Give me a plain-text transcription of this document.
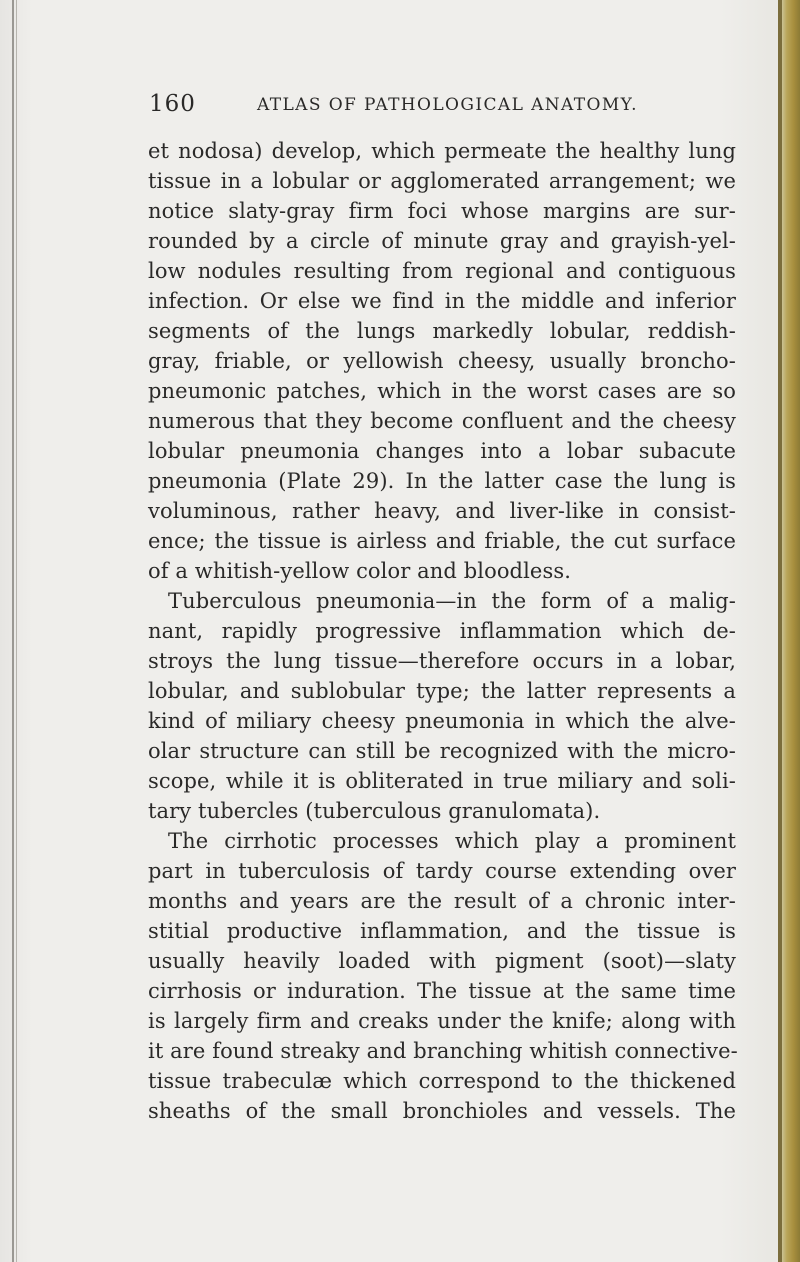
160	ATLAS OF PATHOLOGICAL ANATOMY.
et nodosa) develop, which permeate the healthy lung
tissue in a lobular or agglomerated arrangement; we
notice slaty-gray firm foci whose margins are sur-
rounded by a circle of minute gray and grayish-yel-
low nodules resulting from regional and contiguous
infection. Or else we find in the middle and inferior
segments of the lungs markedly lobular, reddish-
gray, friable, or yellowish cheesy, usually broncho-
pneumonic patches, which in the worst cases are so
numerous that they become confluent and the cheesy
lobular pneumonia changes into a lobar subacute
pneumonia (Plate 29). In the latter case the lung is
voluminous, rather heavy, and liver-like in consist-
ence; the tissue is airless and friable, the cut surface
of a whitish-yellow color and bloodless.
Tuberculous pneumonia—in the form of a malig-
nant, rapidly progressive inflammation which de-
stroys the lung tissue—therefore occurs in a lobar,
lobular, and sublobular type; the latter represents a
kind of miliary cheesy pneumonia in which the alve-
olar structure can still be recognized with the micro-
scope, while it is obliterated in true miliary and soli-
tary tubercles (tuberculous granulomata).
The cirrhotic processes which play a prominent
part in tuberculosis of tardy course extending over
months and years are the result of a chronic inter-
stitial productive inflammation, and the tissue is
usually heavily loaded with pigment (soot)—slaty
cirrhosis or induration. The tissue at the same time
is largely firm and creaks under the knife; along with
it are found streaky and branching whitish connective-
tissue trabeculæ which correspond to the thickened
sheaths of the small bronchioles and vessels. The
